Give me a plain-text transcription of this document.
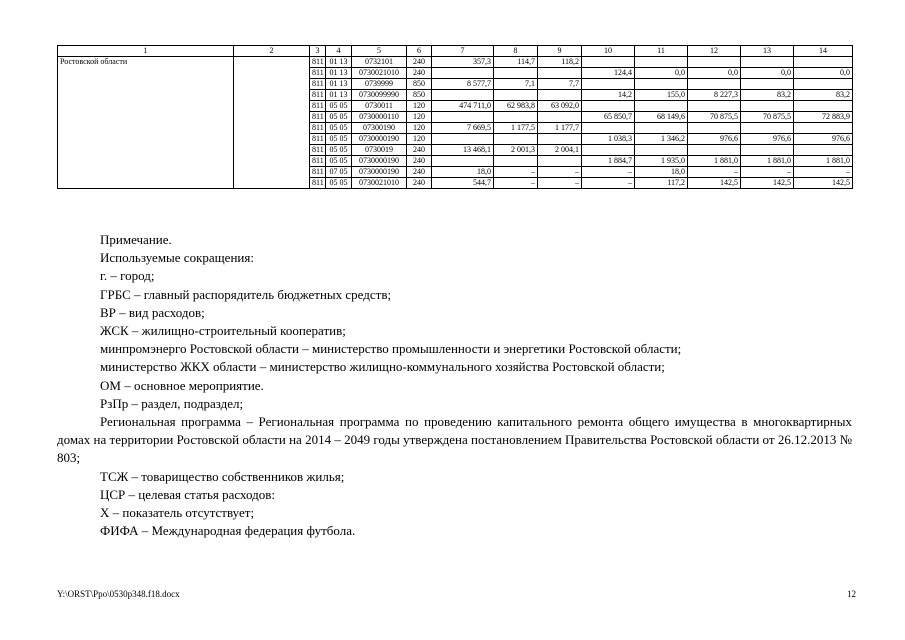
1	2	3	4	5	6	7	8	9	10	11	12	13	14
Ростовской области		811	01 13	0732101	240	357,3	114,7	118,2					
		811	01 13	0730021010	240				124,4	0,0	0,0	0,0	0,0
		811	01 13	0739999	850	8 577,7	7,1	7,7					
		811	01 13	0730099990	850				14,2	155,0	8 227,3	83,2	83,2
		811	05 05	0730011	120	474 711,0	62 983,8	63 092,0					
		811	05 05	0730000110	120				65 850,7	68 149,6	70 875,5	70 875,5	72 883,9
		811	05 05	07300190	120	7 669,5	1 177,5	1 177,7					
		811	05 05	0730000190	120				1 038,3	1 346,2	976,6	976,6	976,6
		811	05 05	0730019	240	13 468,1	2 001,3	2 004,1					
		811	05 05	0730000190	240				1 884,7	1 935,0	1 881,0	1 881,0	1 881,0
		811	07 05	0730000190	240	18,0	–	–	–	18,0	–	–	–
		811	05 05	0730021010	240	544,7	–	–	–	117,2	142,5	142,5	142,5

Примечание.

Используемые сокращения:

г. – город;

ГРБС – главный распорядитель бюджетных средств;

ВР – вид расходов;

ЖСК – жилищно-строительный кооператив;

минпромэнерго Ростовской области – министерство промышленности и энергетики Ростовской области;

министерство ЖКХ области – министерство жилищно-коммунального хозяйства Ростовской области;

ОМ – основное мероприятие.

РзПр – раздел, подраздел;

Региональная программа – Региональная программа по проведению капитального ремонта общего имущества в многоквартирных домах на территории Ростовской области на 2014 – 2049 годы утверждена постановлением Правительства Ростовской области от 26.12.2013 № 803;

ТСЖ – товарищество собственников жилья;

ЦСР – целевая статья расходов:

Х – показатель отсутствует;

ФИФА – Международная федерация футбола.

Y:\ORST\Ppo\0530p348.f18.docx	12
